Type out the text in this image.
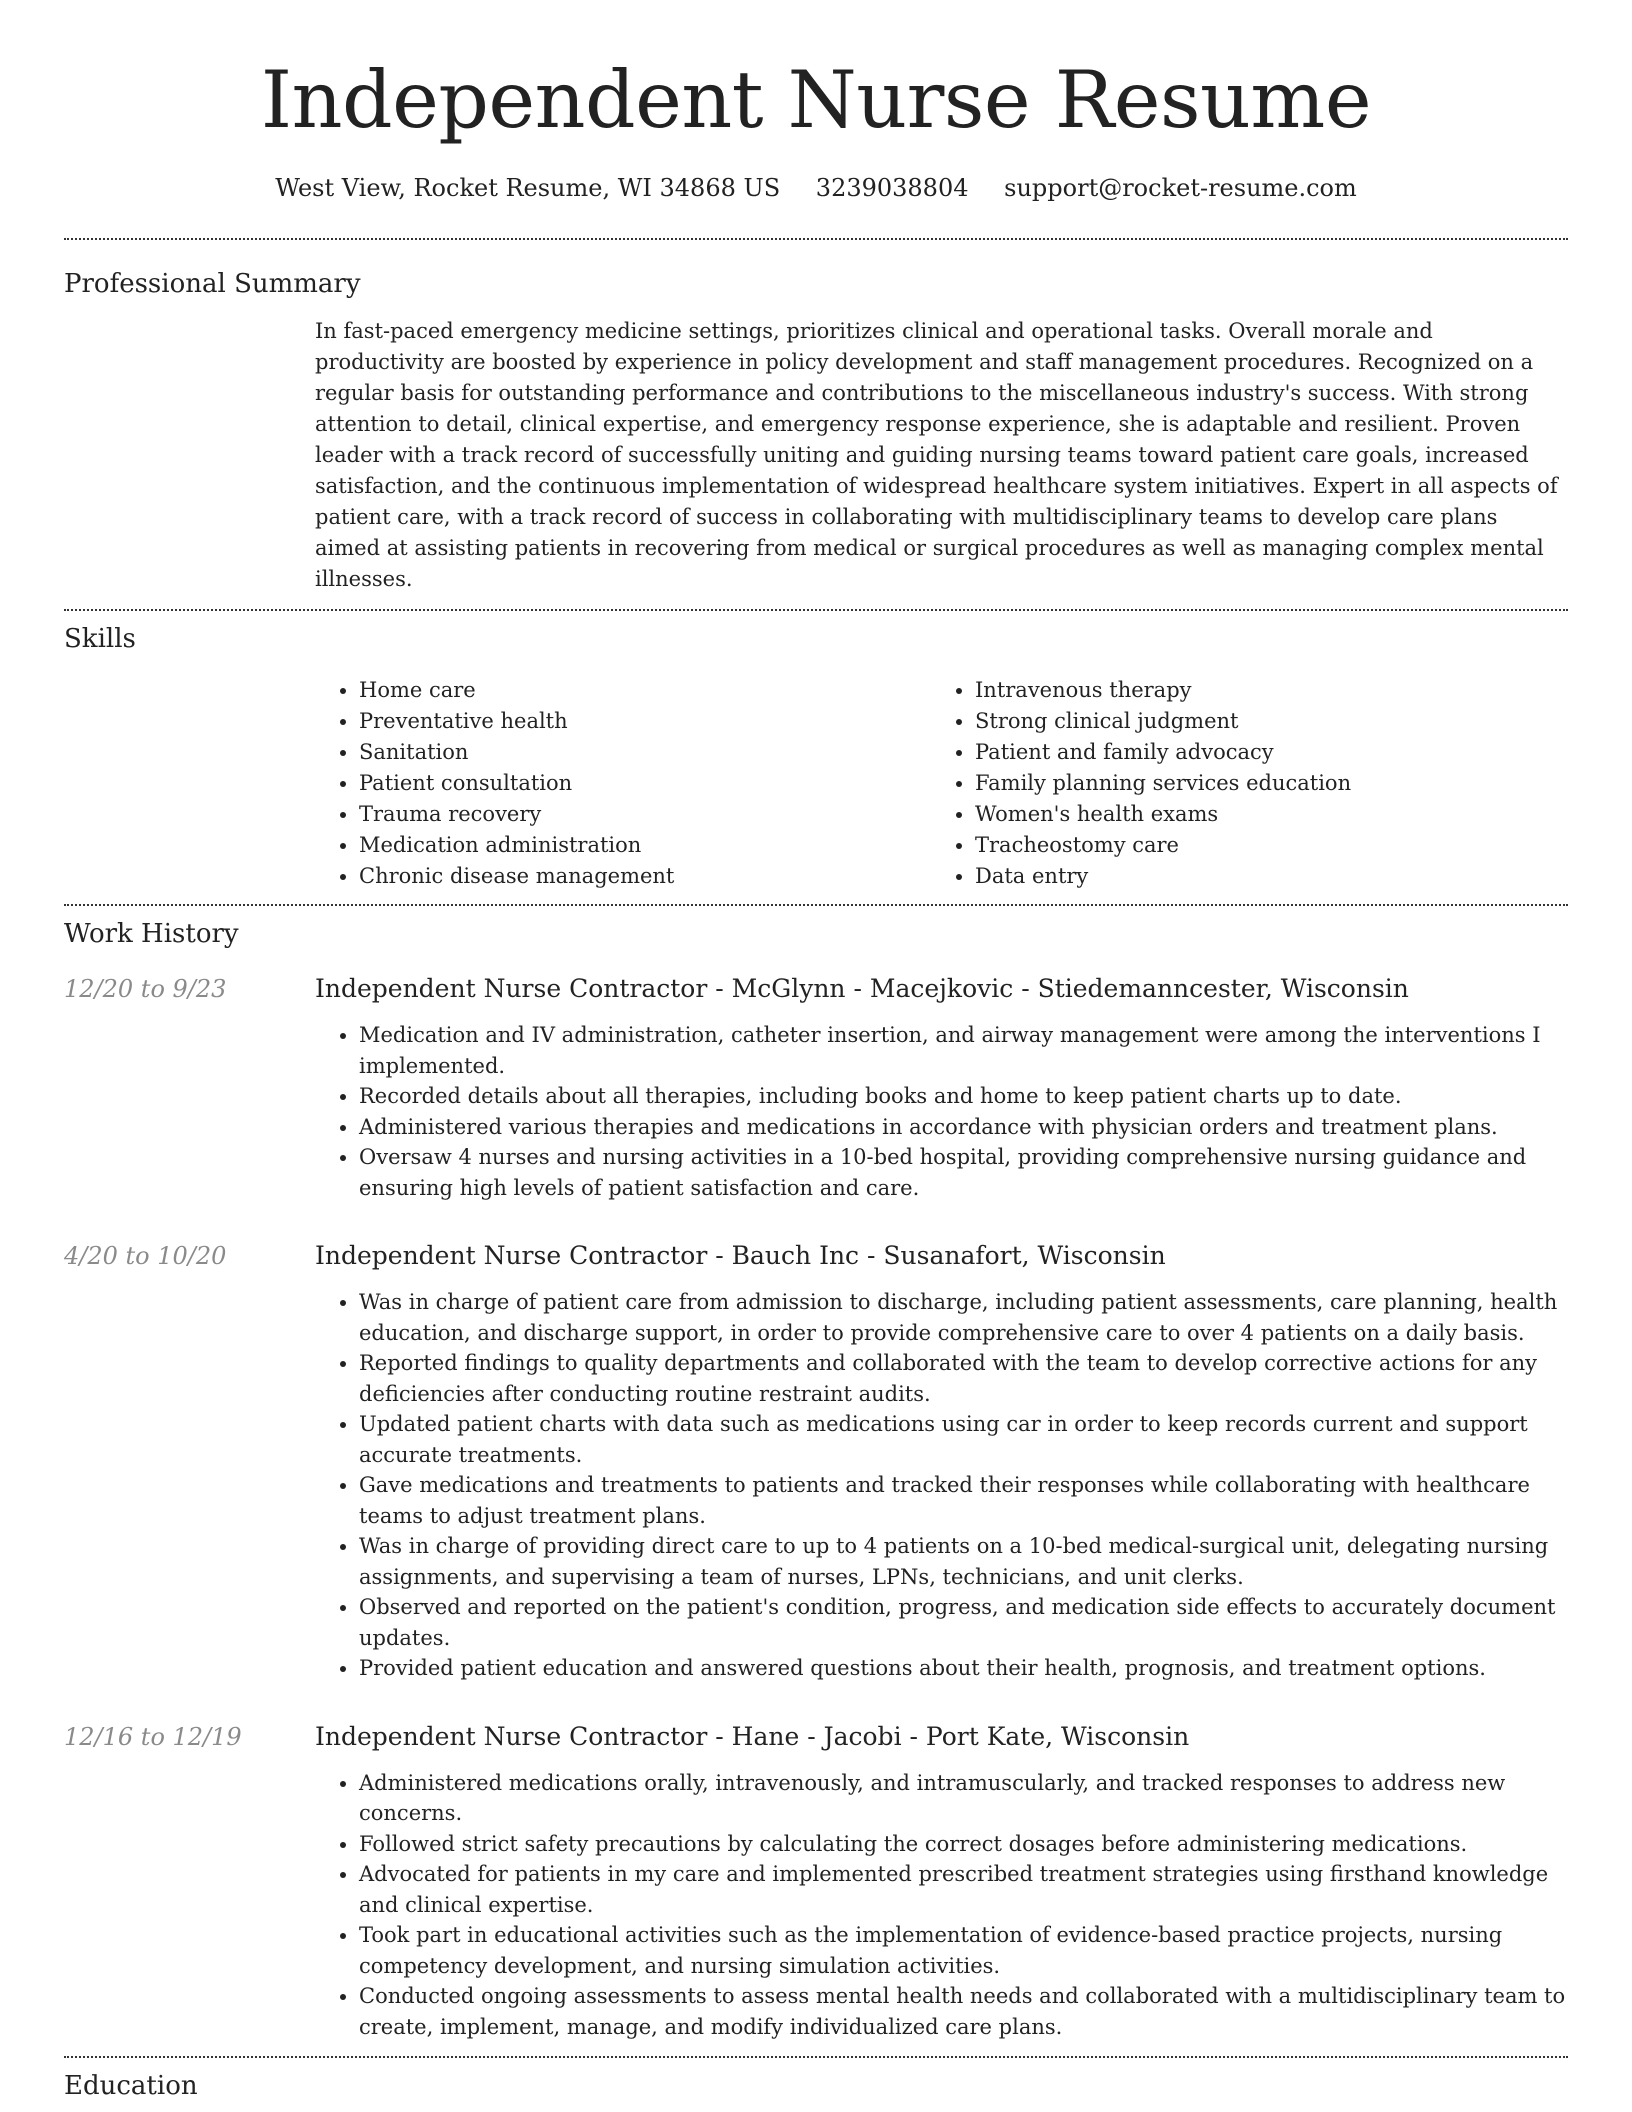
Independent Nurse Resume
West View, Rocket Resume, WI 34868 US 3239038804 support@rocket-resume.com
Professional Summary

In fast-paced emergency medicine settings, prioritizes clinical and operational tasks. Overall morale and productivity are boosted by experience in policy development and staff management procedures. Recognized on a regular basis for outstanding performance and contributions to the miscellaneous industry's success. With strong attention to detail, clinical expertise, and emergency response experience, she is adaptable and resilient. Proven leader with a track record of successfully uniting and guiding nursing teams toward patient care goals, increased satisfaction, and the continuous implementation of widespread healthcare system initiatives. Expert in all aspects of patient care, with a track record of success in collaborating with multidisciplinary teams to develop care plans aimed at assisting patients in recovering from medical or surgical procedures as well as managing complex mental illnesses.

Skills
• Home care
• Preventative health
• Sanitation
• Patient consultation
• Trauma recovery
• Medication administration
• Chronic disease management
• Intravenous therapy
• Strong clinical judgment
• Patient and family advocacy
• Family planning services education
• Women's health exams
• Tracheostomy care
• Data entry
Work History
12/20 to 9/23	Independent Nurse Contractor - McGlynn - Macejkovic - Stiedemanncester, Wisconsin
• Medication and IV administration, catheter insertion, and airway management were among the interventions I implemented.
• Recorded details about all therapies, including books and home to keep patient charts up to date.
• Administered various therapies and medications in accordance with physician orders and treatment plans.
• Oversaw 4 nurses and nursing activities in a 10-bed hospital, providing comprehensive nursing guidance and ensuring high levels of patient satisfaction and care.
4/20 to 10/20	Independent Nurse Contractor - Bauch Inc - Susanafort, Wisconsin
• Was in charge of patient care from admission to discharge, including patient assessments, care planning, health education, and discharge support, in order to provide comprehensive care to over 4 patients on a daily basis.
• Reported findings to quality departments and collaborated with the team to develop corrective actions for any deficiencies after conducting routine restraint audits.
• Updated patient charts with data such as medications using car in order to keep records current and support accurate treatments.
• Gave medications and treatments to patients and tracked their responses while collaborating with healthcare teams to adjust treatment plans.
• Was in charge of providing direct care to up to 4 patients on a 10-bed medical-surgical unit, delegating nursing assignments, and supervising a team of nurses, LPNs, technicians, and unit clerks.
• Observed and reported on the patient's condition, progress, and medication side effects to accurately document updates.
• Provided patient education and answered questions about their health, prognosis, and treatment options.
12/16 to 12/19	Independent Nurse Contractor - Hane - Jacobi - Port Kate, Wisconsin
• Administered medications orally, intravenously, and intramuscularly, and tracked responses to address new concerns.
• Followed strict safety precautions by calculating the correct dosages before administering medications.
• Advocated for patients in my care and implemented prescribed treatment strategies using firsthand knowledge and clinical expertise.
• Took part in educational activities such as the implementation of evidence-based practice projects, nursing competency development, and nursing simulation activities.
• Conducted ongoing assessments to assess mental health needs and collaborated with a multidisciplinary team to create, implement, manage, and modify individualized care plans.
Education
